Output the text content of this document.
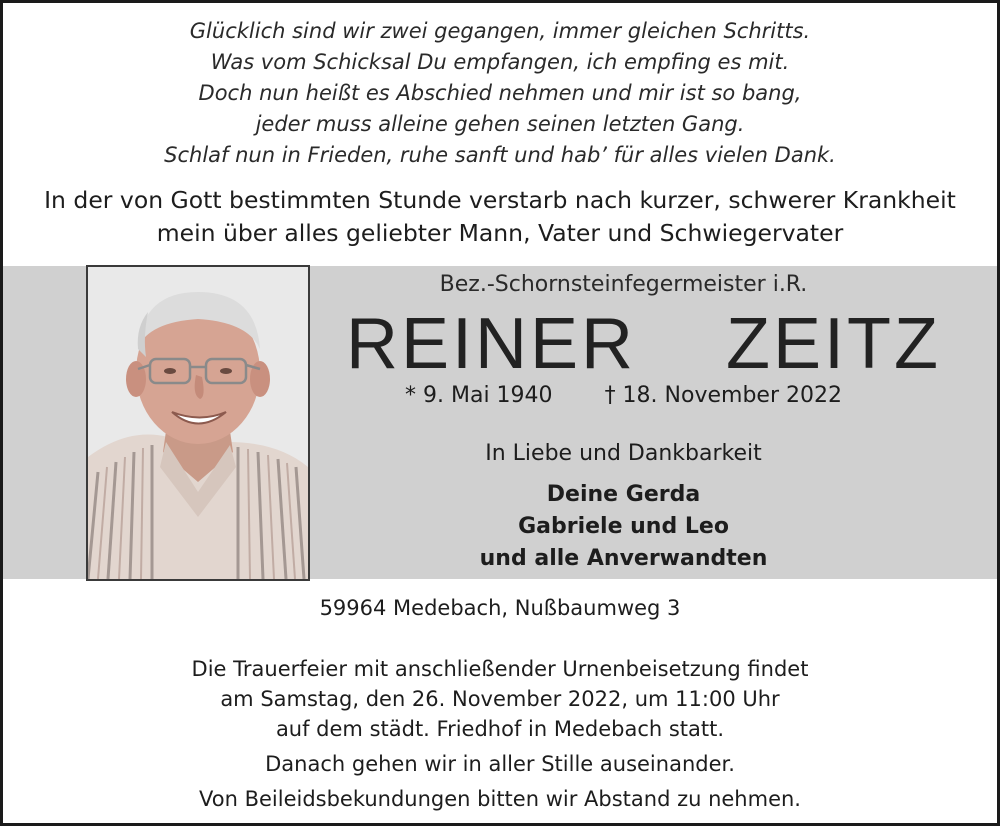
Glücklich sind wir zwei gegangen, immer gleichen Schritts.
Was vom Schicksal Du empfangen, ich empfing es mit.
Doch nun heißt es Abschied nehmen und mir ist so bang,
jeder muss alleine gehen seinen letzten Gang.
Schlaf nun in Frieden, ruhe sanft und hab’ für alles vielen Dank.
In der von Gott bestimmten Stunde verstarb nach kurzer, schwerer Krankheit
mein über alles geliebter Mann, Vater und Schwiegervater
Bez.-Schornsteinfegermeister i.R.
REINER  ZEITZ
* 9. Mai 1940 † 18. November 2022
In Liebe und Dankbarkeit
Deine Gerda
Gabriele und Leo
und alle Anverwandten
59964 Medebach, Nußbaumweg 3
Die Trauerfeier mit anschließender Urnenbeisetzung findet
am Samstag, den 26. November 2022, um 11:00 Uhr
auf dem städt. Friedhof in Medebach statt.
Danach gehen wir in aller Stille auseinander.
Von Beileidsbekundungen bitten wir Abstand zu nehmen.
